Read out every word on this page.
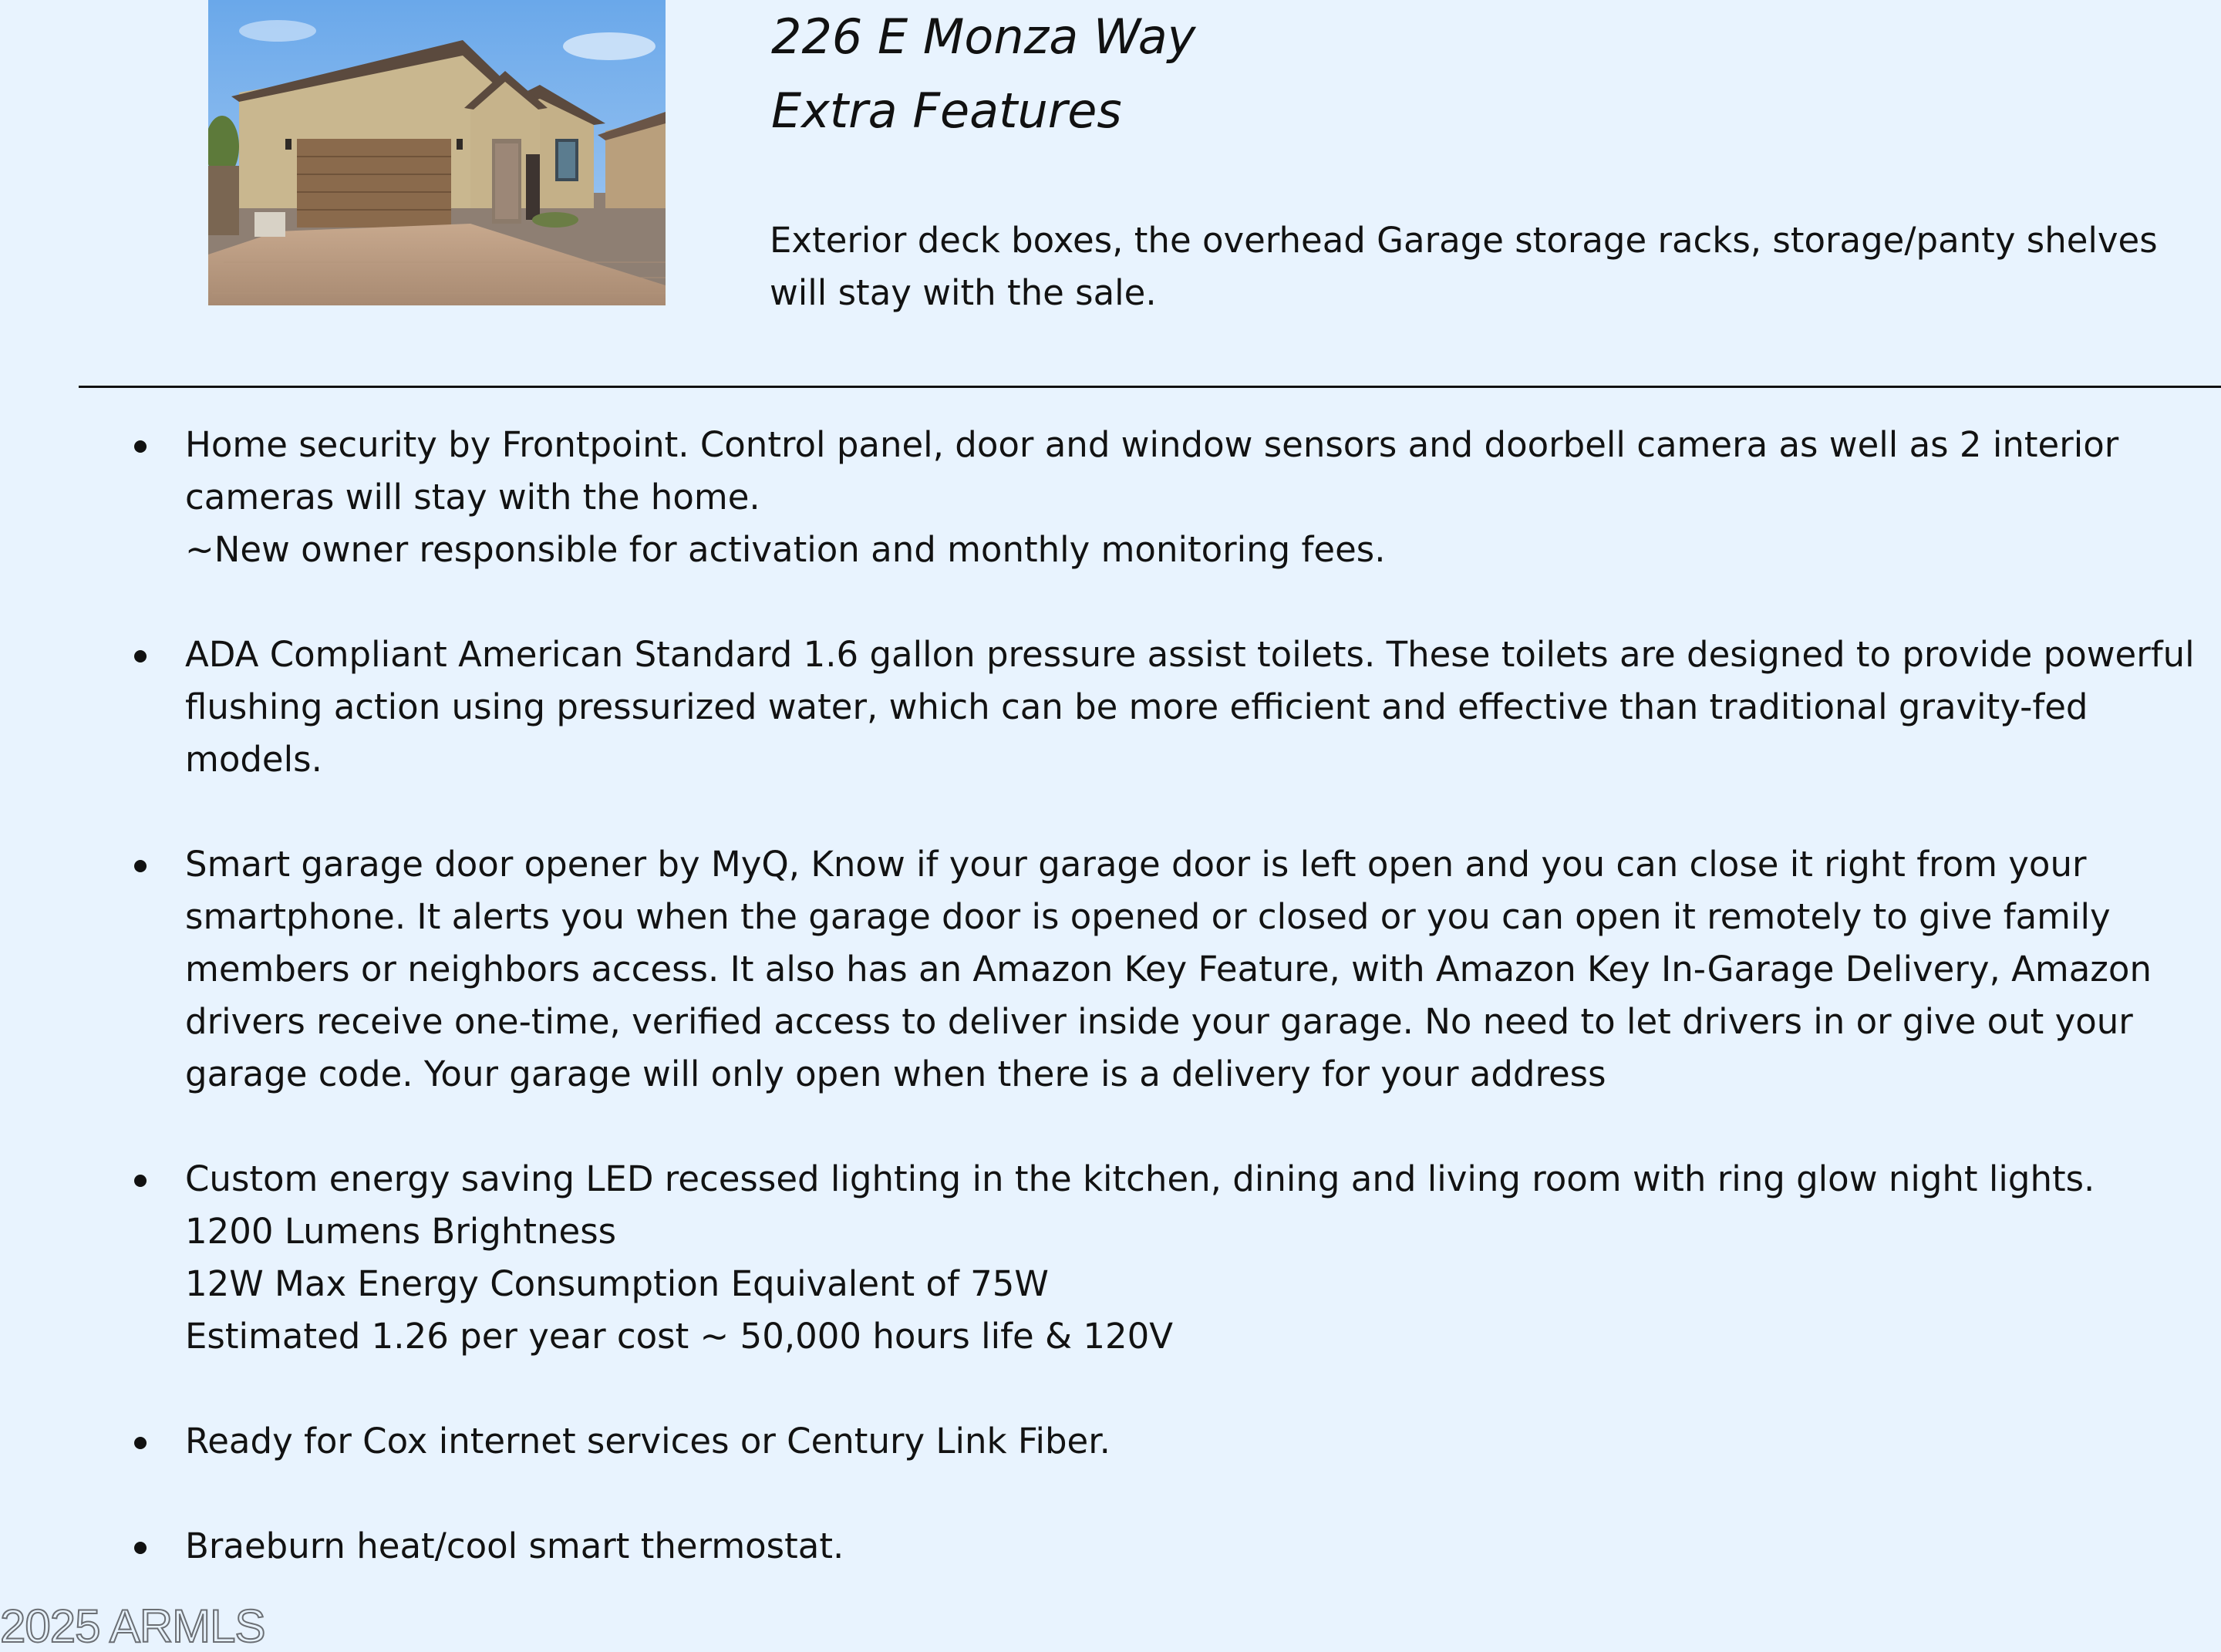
226 E Monza Way
Extra Features

Exterior deck boxes, the overhead Garage storage racks, storage/panty shelves will stay with the sale.

Home security by Frontpoint. Control panel, door and window sensors and doorbell camera as well as 2 interior cameras will stay with the home.
~New owner responsible for activation and monthly monitoring fees.
ADA Compliant American Standard 1.6 gallon pressure assist toilets. These toilets are designed to provide powerful flushing action using pressurized water, which can be more efficient and effective than traditional gravity-fed models.
Smart garage door opener by MyQ, Know if your garage door is left open and you can close it right from your smartphone. It alerts you when the garage door is opened or closed or you can open it remotely to give family members or neighbors access. It also has an Amazon Key Feature, with Amazon Key In-Garage Delivery, Amazon drivers receive one-time, verified access to deliver inside your garage. No need to let drivers in or give out your garage code. Your garage will only open when there is a delivery for your address
Custom energy saving LED recessed lighting in the kitchen, dining and living room with ring glow night lights.
1200 Lumens Brightness
12W Max Energy Consumption Equivalent of 75W
Estimated 1.26 per year cost ~ 50,000 hours life & 120V
Ready for Cox internet services or Century Link Fiber.
Braeburn heat/cool smart thermostat.
2025 ARMLS
